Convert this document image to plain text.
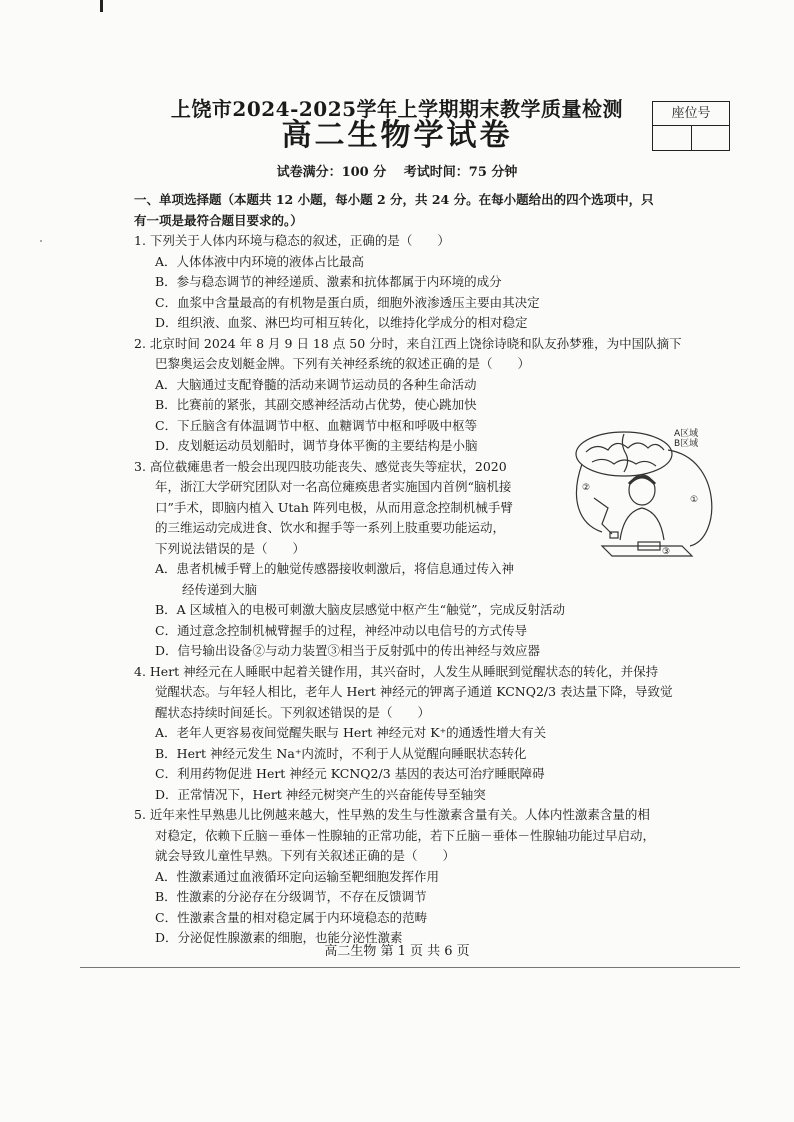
上饶市2024-2025学年上学期期末教学质量检测
高二生物学试卷
座位号
试卷满分：100 分　 考试时间：75 分钟
一、单项选择题（本题共 12 小题，每小题 2 分，共 24 分。在每小题给出的四个选项中，只
有一项是最符合题目要求的。）
1. 下列关于人体内环境与稳态的叙述，正确的是（　　）
A．人体体液中内环境的液体占比最高
B．参与稳态调节的神经递质、激素和抗体都属于内环境的成分
C．血浆中含量最高的有机物是蛋白质，细胞外液渗透压主要由其决定
D．组织液、血浆、淋巴均可相互转化，以维持化学成分的相对稳定
2. 北京时间 2024 年 8 月 9 日 18 点 50 分时，来自江西上饶徐诗晓和队友孙梦雅，为中国队摘下
巴黎奥运会皮划艇金牌。下列有关神经系统的叙述正确的是（　　）
A．大脑通过支配脊髓的活动来调节运动员的各种生命活动
B．比赛前的紧张，其副交感神经活动占优势，使心跳加快
C．下丘脑含有体温调节中枢、血糖调节中枢和呼吸中枢等
D．皮划艇运动员划船时，调节身体平衡的主要结构是小脑
3. 高位截瘫患者一般会出现四肢功能丧失、感觉丧失等症状，2020
年，浙江大学研究团队对一名高位瘫痪患者实施国内首例“脑机接
口”手术，即脑内植入 Utah 阵列电极，从而用意念控制机械手臂
的三维运动完成进食、饮水和握手等一系列上肢重要功能运动，
下列说法错误的是（　　）
A．患者机械手臂上的触觉传感器接收刺激后，将信息通过传入神
经传递到大脑
B．A 区域植入的电极可刺激大脑皮层感觉中枢产生“触觉”，完成反射活动
C．通过意念控制机械臂握手的过程，神经冲动以电信号的方式传导
D．信号输出设备②与动力装置③相当于反射弧中的传出神经与效应器
4. Hert 神经元在人睡眠中起着关键作用，其兴奋时，人发生从睡眠到觉醒状态的转化，并保持
觉醒状态。与年轻人相比，老年人 Hert 神经元的钾离子通道 KCNQ2/3 表达量下降，导致觉
醒状态持续时间延长。下列叙述错误的是（　　）
A．老年人更容易夜间觉醒失眠与 Hert 神经元对 K⁺的通透性增大有关
B．Hert 神经元发生 Na⁺内流时，不利于人从觉醒向睡眠状态转化
C．利用药物促进 Hert 神经元 KCNQ2/3 基因的表达可治疗睡眠障碍
D．正常情况下，Hert 神经元树突产生的兴奋能传导至轴突
5. 近年来性早熟患儿比例越来越大，性早熟的发生与性激素含量有关。人体内性激素含量的相
对稳定，依赖下丘脑－垂体－性腺轴的正常功能，若下丘脑－垂体－性腺轴功能过早启动，
就会导致儿童性早熟。下列有关叙述正确的是（　　）
A．性激素通过血液循环定向运输至靶细胞发挥作用
B．性激素的分泌存在分级调节，不存在反馈调节
C．性激素含量的相对稳定属于内环境稳态的范畴
D．分泌促性腺激素的细胞，也能分泌性激素
A区域
B区域
①
②
③
高二生物 第 1 页 共 6 页
